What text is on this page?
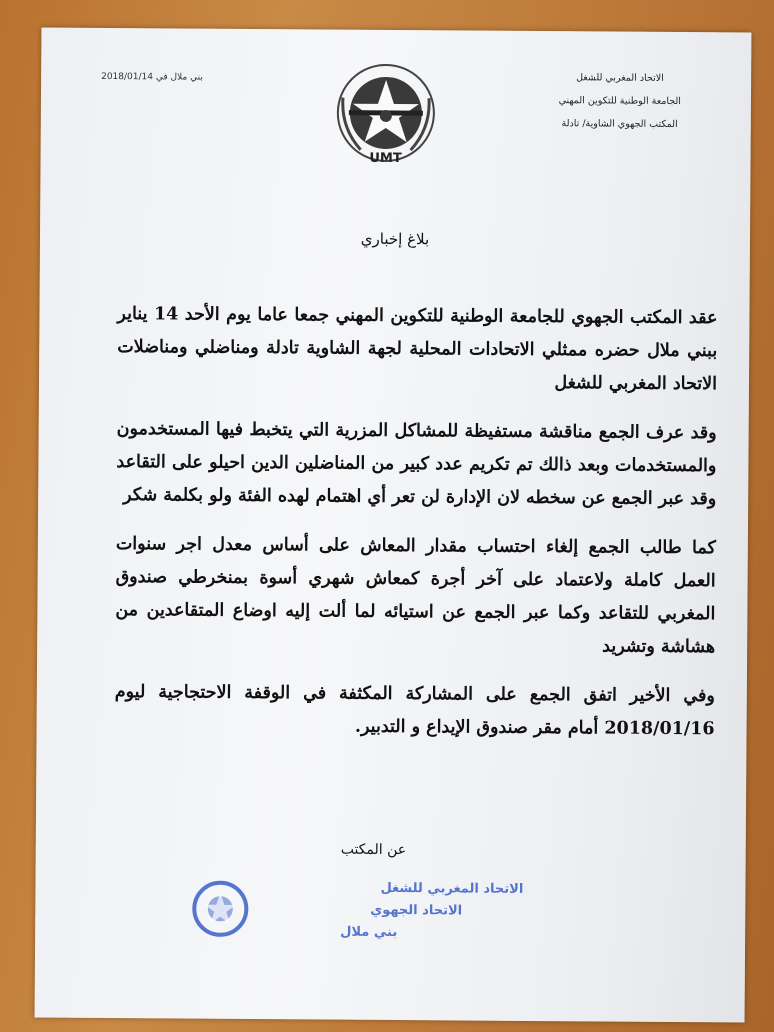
بني ملال في 2018/01/14
UMT
الاتحاد المغربي للشغل
الجامعة الوطنية للتكوين المهني
المكتب الجهوي الشاوية/ تادلة
بلاغ إخباري

عقد المكتب الجهوي للجامعة الوطنية للتكوين المهني جمعا عاما يوم الأحد 14 يناير ببني ملال حضره ممثلي الاتحادات المحلية لجهة الشاوية تادلة ومناضلي ومناضلات الاتحاد المغربي للشغل

وقد عرف الجمع مناقشة مستفيظة للمشاكل المزرية التي يتخبط فيها المستخدمون والمستخدمات وبعد ذالك تم تكريم عدد كبير من المناضلين الدين احيلو على التقاعد وقد عبر الجمع عن سخطه لان الإدارة لن تعر أي اهتمام لهده الفئة ولو بكلمة شكر

كما طالب الجمع إلغاء احتساب مقدار المعاش على أساس معدل اجر سنوات العمل كاملة ولاعتماد على آخر أجرة كمعاش شهري أسوة بمنخرطي صندوق المغربي للتقاعد وكما عبر الجمع عن استيائه لما ألت إليه اوضاع المتقاعدين من هشاشة وتشريد

وفي الأخير اتفق الجمع على المشاركة المكثفة في الوقفة الاحتجاجية ليوم 2018/01/16 أمام مقر صندوق الإيداع و التدبير.

عن المكتب
الاتحاد المغربي للشغل
الاتحاد الجهوي
بني ملال
